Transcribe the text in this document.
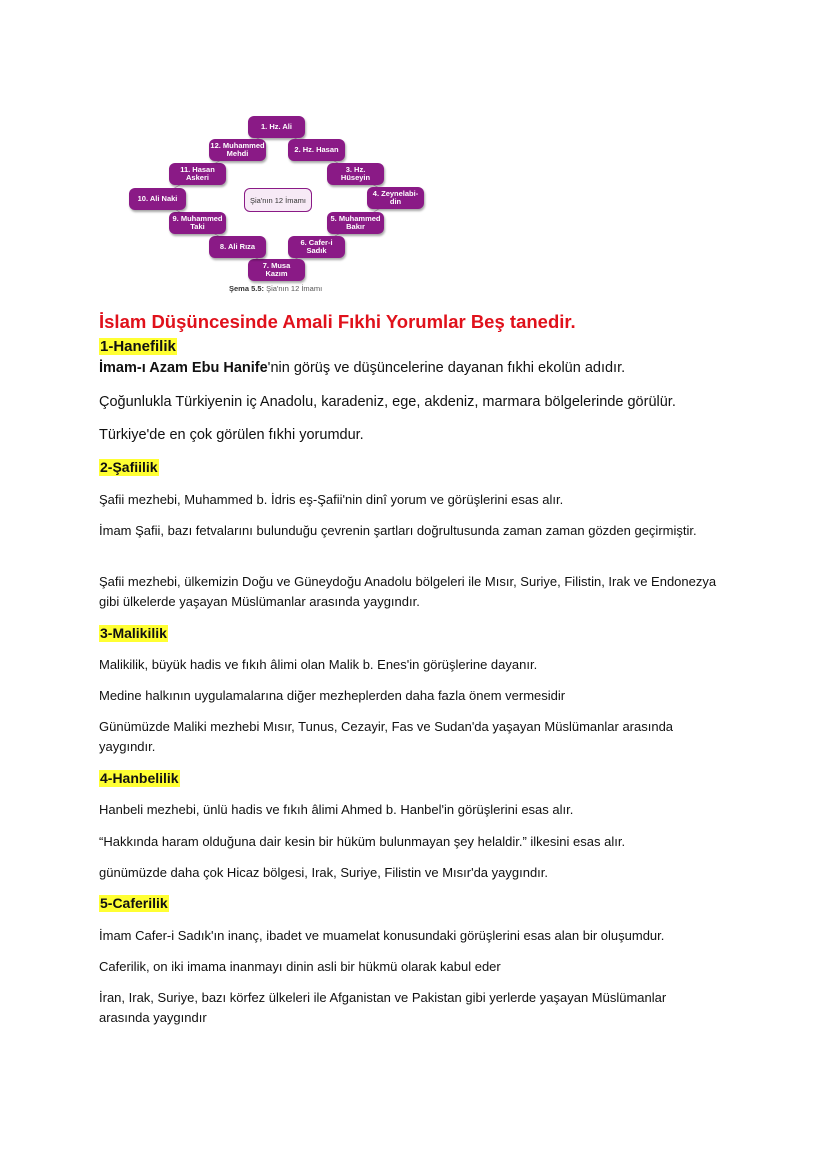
1. Hz. Ali
2. Hz. Hasan
3. Hz. Hüseyin
4. Zeynelabi-
din
5. Muhammed
Bakır
6. Cafer-i
Sadık
7. Musa Kazım
8. Ali Rıza
9. Muhammed
Taki
10. Ali Naki
11. Hasan
Askeri
12. Muhammed
Mehdi
Şia'nın 12 İmamı
Şema 5.5: Şia'nın 12 İmamı
İslam Düşüncesinde Amali Fıkhi Yorumlar Beş tanedir.
1-Hanefilik

İmam-ı Azam Ebu Hanife'nin görüş ve düşüncelerine dayanan fıkhi ekolün adıdır.

Çoğunlukla Türkiyenin iç Anadolu, karadeniz, ege, akdeniz, marmara bölgelerinde görülür.

Türkiye'de en çok görülen fıkhi yorumdur.

2-Şafiilik

Şafii mezhebi, Muhammed b. İdris eş-Şafii'nin dinî yorum ve görüşlerini esas alır.

İmam Şafii, bazı fetvalarını bulunduğu çevrenin şartları doğrultusunda zaman zaman gözden geçirmiştir.

Şafii mezhebi, ülkemizin Doğu ve Güneydoğu Anadolu bölgeleri ile Mısır, Suriye, Filistin, Irak ve Endonezya gibi ülkelerde yaşayan Müslümanlar arasında yaygındır.

3-Malikilik

Malikilik, büyük hadis ve fıkıh âlimi olan Malik b. Enes'in görüşlerine dayanır.

Medine halkının uygulamalarına diğer mezheplerden daha fazla önem vermesidir

Günümüzde Maliki mezhebi Mısır, Tunus, Cezayir, Fas ve Sudan'da yaşayan Müslümanlar arasında yaygındır.

4-Hanbelilik

Hanbeli mezhebi, ünlü hadis ve fıkıh âlimi Ahmed b. Hanbel'in görüşlerini esas alır.

“Hakkında haram olduğuna dair kesin bir hüküm bulunmayan şey helaldir.” ilkesini esas alır.

günümüzde daha çok Hicaz bölgesi, Irak, Suriye, Filistin ve Mısır'da yaygındır.

5-Caferilik

İmam Cafer-i Sadık'ın inanç, ibadet ve muamelat konusundaki görüşlerini esas alan bir oluşumdur.

Caferilik, on iki imama inanmayı dinin asli bir hükmü olarak kabul eder

İran, Irak, Suriye, bazı körfez ülkeleri ile Afganistan ve Pakistan gibi yerlerde yaşayan Müslümanlar arasında yaygındır
